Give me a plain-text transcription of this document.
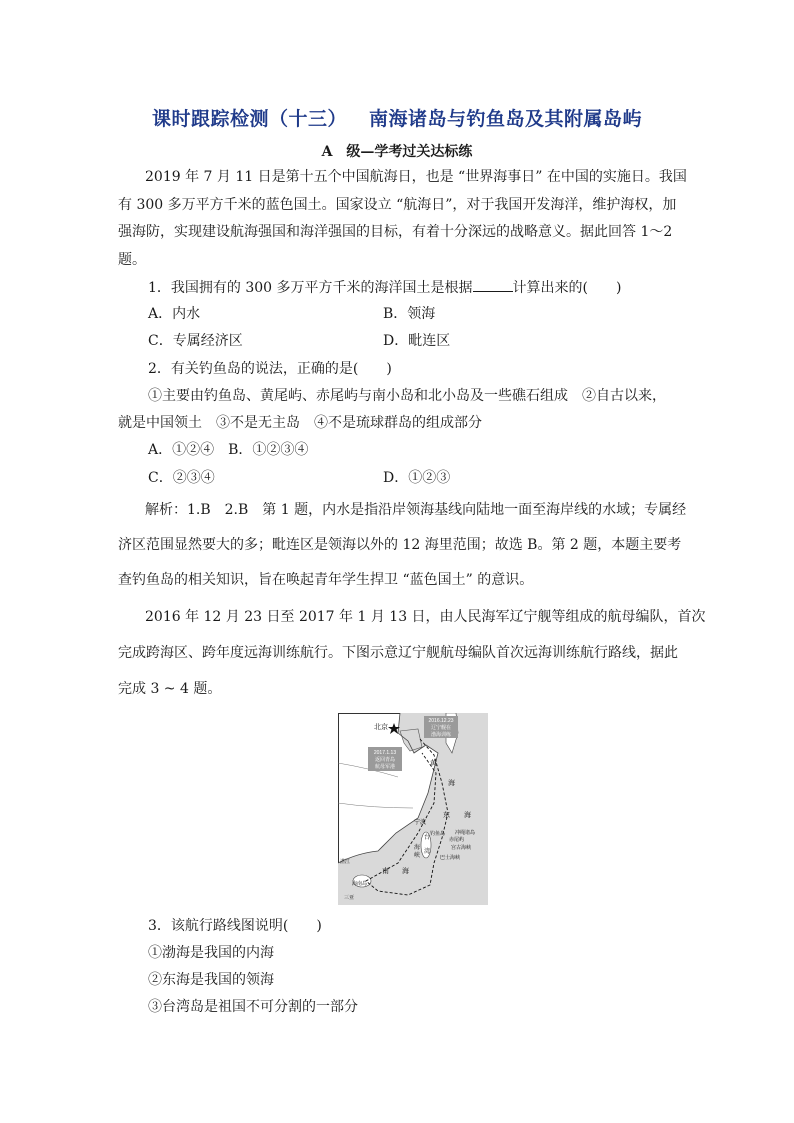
课时跟踪检测（十三） 南海诸岛与钓鱼岛及其附属岛屿
A　级—学考过关达标练
2019 年 7 月 11 日是第十五个中国航海日，也是 “世界海事日” 在中国的实施日。我国
有 300 多万平方千米的蓝色国土。国家设立 “航海日”，对于我国开发海洋，维护海权，加
强海防，实现建设航海强国和海洋强国的目标，有着十分深远的战略意义。据此回答 1～2
题。
1．我国拥有的 300 多万平方千米的海洋国土是根据	计算出来的(　　)
A．内水	B．领海
C．专属经济区	D．毗连区
2．有关钓鱼岛的说法，正确的是(　　)
①主要由钓鱼岛、黄尾屿、赤尾屿与南小岛和北小岛及一些礁石组成　②自古以来，
就是中国领土　③不是无主岛　④不是琉球群岛的组成部分
A．①②④　B．①②③④
C．②③④	D．①②③
解析：1.B　2.B　第 1 题，内水是指沿岸领海基线向陆地一面至海岸线的水域；专属经
济区范围显然要大的多；毗连区是领海以外的 12 海里范围；故选 B。第 2 题，本题主要考
查钓鱼岛的相关知识，旨在唤起青年学生捍卫 “蓝色国土” 的意识。
2016 年 12 月 23 日至 2017 年 1 月 13 日，由人民海军辽宁舰等组成的航母编队，首次
完成跨海区、跨年度远海训练航行。下图示意辽宁舰航母编队首次远海训练航行路线，据此
完成 3 ~ 4 题。
北京
2016.12.23
辽宁舰在
渤海训练
2017.1.13
返回青岛
航母军港	黄
海
东 海
宁波
台
湾
海
峡
钓鱼岛 冲绳诸岛
赤尾屿
宫古海峡
巴士海峡
湛江
海南岛
三亚
南 海
3．该航行路线图说明(　　)
①渤海是我国的内海
②东海是我国的领海
③台湾岛是祖国不可分割的一部分
